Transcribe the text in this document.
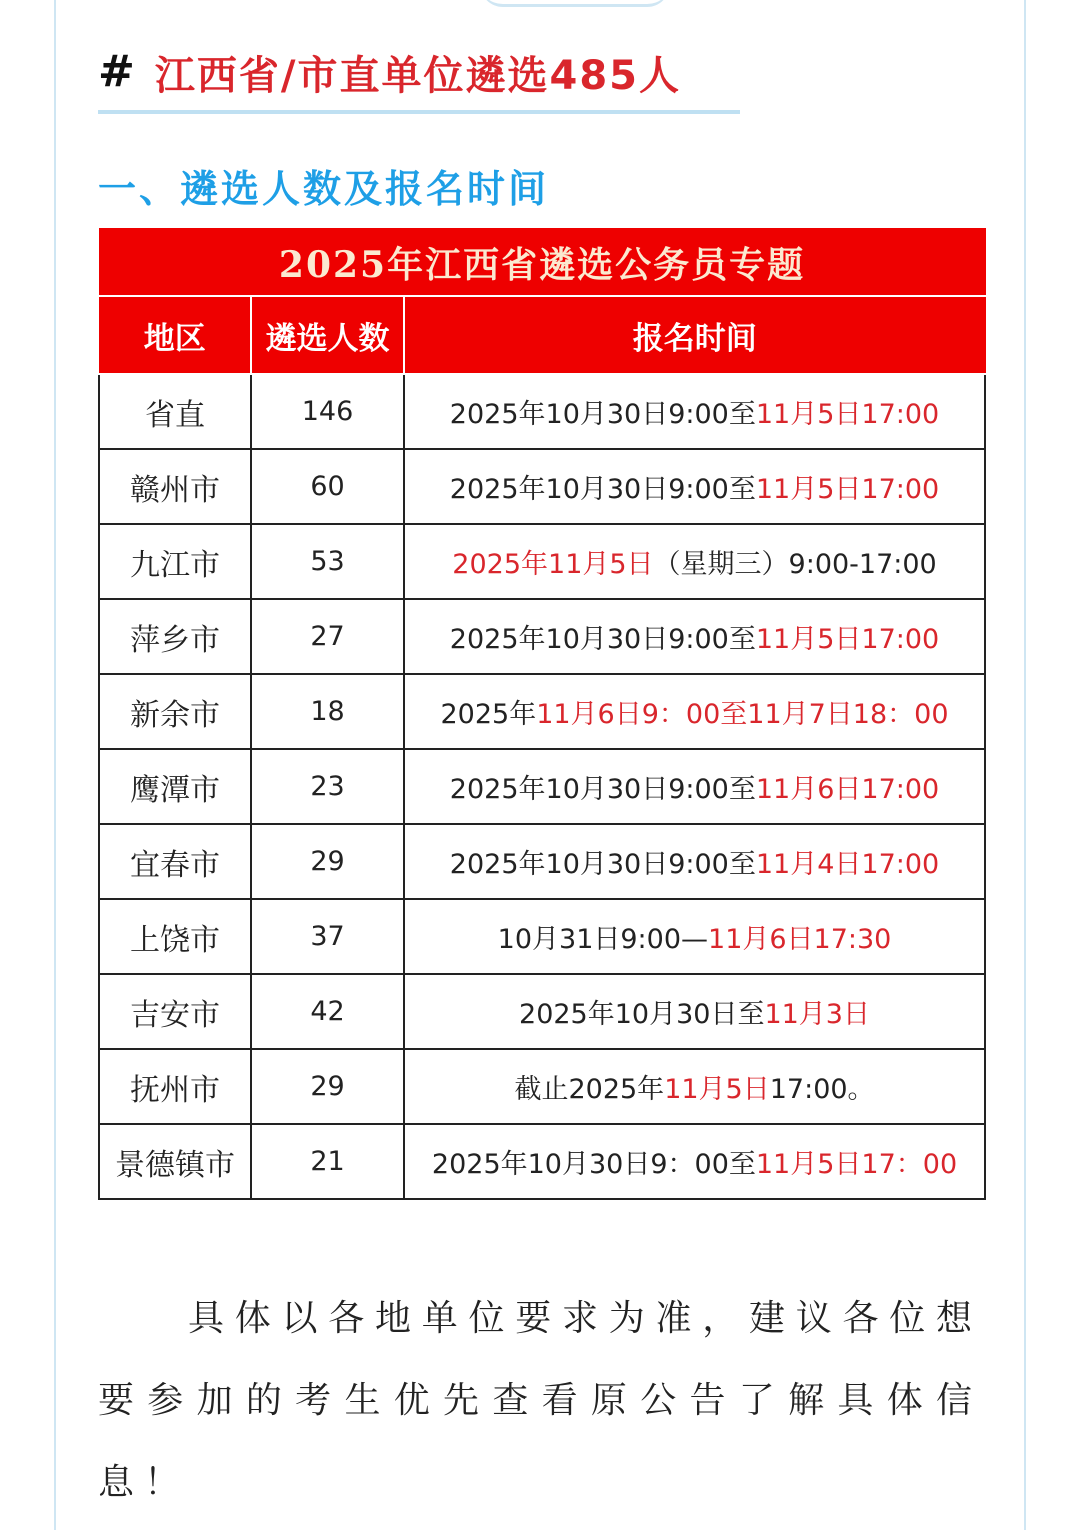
# 江西省/市直单位遴选485人
一、遴选人数及报名时间
2025年江西省遴选公务员专题		
地区	遴选人数	报名时间
省直	146	2025年10月30日9:00至11月5日17:00
赣州市	60	2025年10月30日9:00至11月5日17:00
九江市	53	2025年11月5日（星期三）9:00-17:00
萍乡市	27	2025年10月30日9:00至11月5日17:00
新余市	18	2025年11月6日9：00至11月7日18：00
鹰潭市	23	2025年10月30日9:00至11月6日17:00
宜春市	29	2025年10月30日9:00至11月4日17:00
上饶市	37	10月31日9:00—11月6日17:30
吉安市	42	2025年10月30日至11月3日
抚州市	29	截止2025年11月5日17:00。
景德镇市	21	2025年10月30日9：00至11月5日17：00
具体以各地单位要求为准，建议各位想要参加的考生优先查看原公告了解具体信息！
